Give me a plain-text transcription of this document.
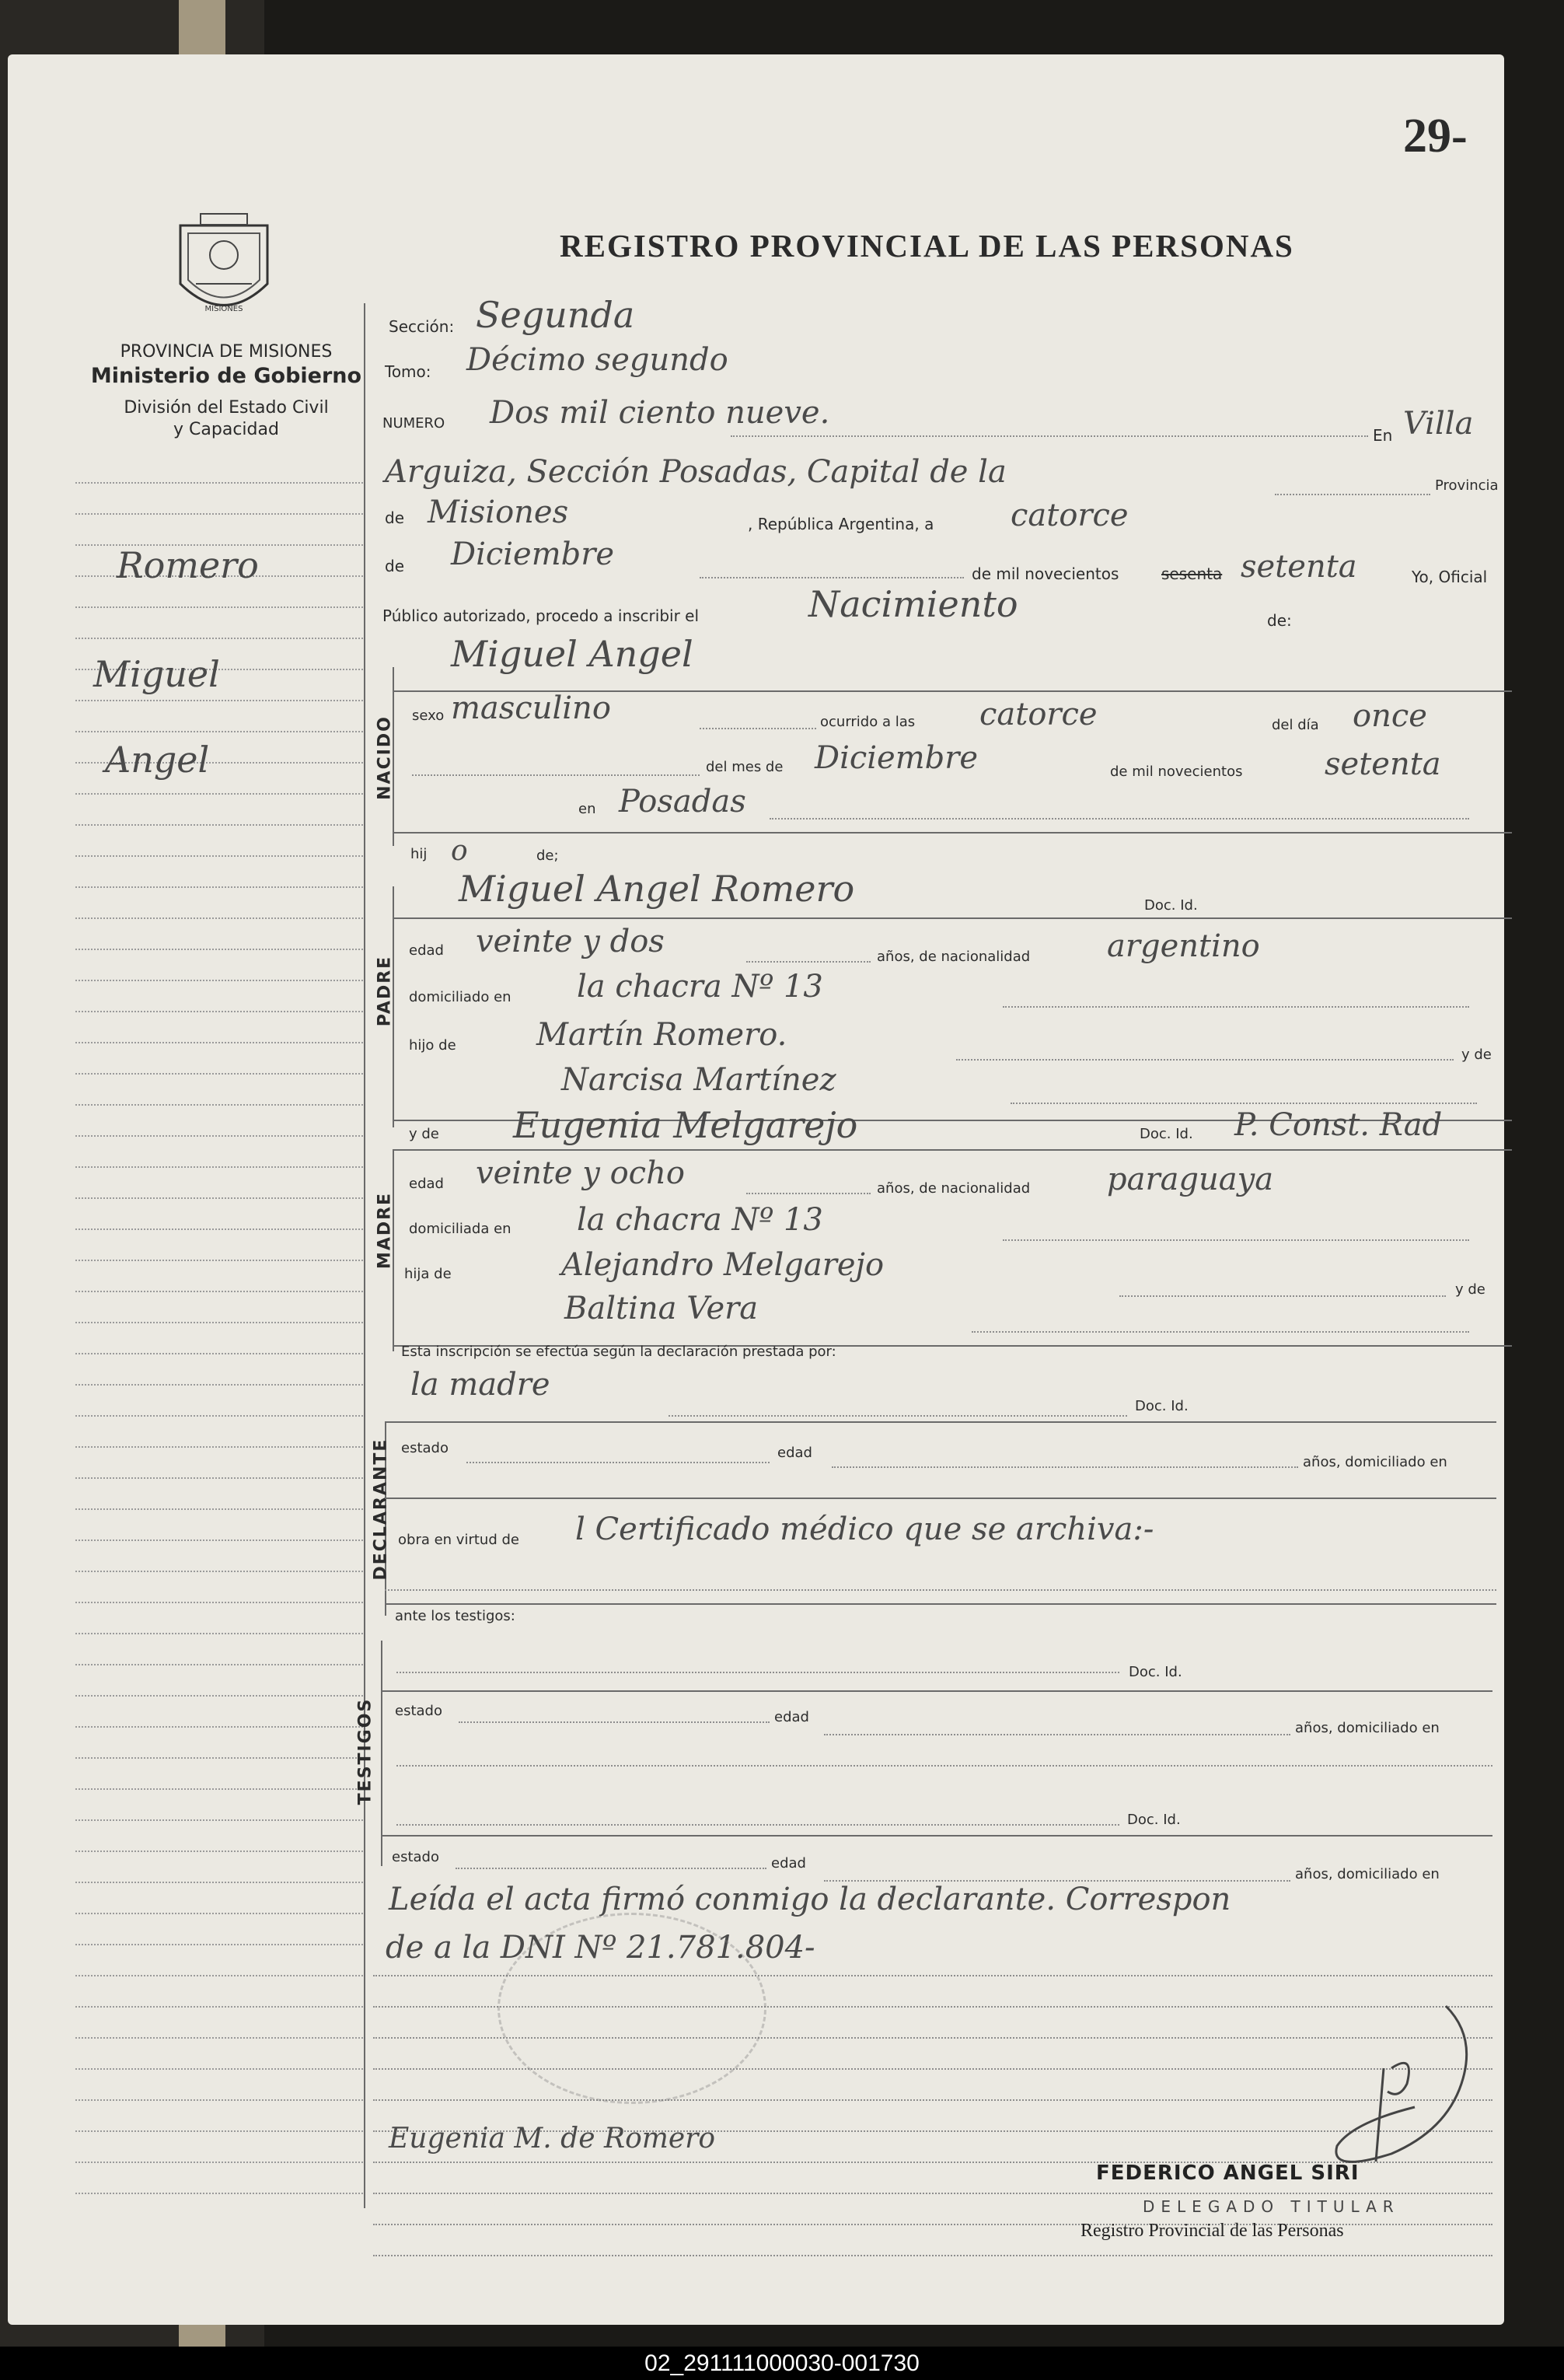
29-
REGISTRO PROVINCIAL DE LAS PERSONAS
MISIONES
PROVINCIA DE MISIONES
Ministerio de Gobierno
División del Estado Civil
y Capacidad
Romero
Miguel
Angel
Sección: Segunda
Tomo: Décimo segundo
NUMERO Dos mil ciento nueve.
En Villa
Arguiza, Sección Posadas, Capital de la	Provincia
de Misiones	, República Argentina, a catorce
de Diciembre
de mil novecientos	sesenta setenta	Yo, Oficial
Público autorizado, procedo a inscribir el	Nacimiento	de:
NACIDO
Miguel Angel
sexo masculino	ocurrido a las catorce	del día once
del mes de Diciembre	de mil novecientos	setenta
en Posadas
hij o	de;
PADRE
Miguel Angel Romero	Doc. Id.
edad veinte y dos	años, de nacionalidad argentino
domiciliado en la chacra Nº 13
hijo de	Martín Romero.
y de
Narcisa Martínez
y de Eugenia Melgarejo	Doc. Id. P. Const. Rad
MADRE
edad veinte y ocho	años, de nacionalidad paraguaya
domiciliada en la chacra Nº 13
hija de	Alejandro Melgarejo
y de
Baltina Vera
Esta inscripción se efectúa según la declaración prestada por:
la madre
Doc. Id.
DECLARANTE estado	edad
años, domiciliado en
obra en virtud de l Certificado médico que se archiva:-
ante los testigos:
TESTIGOS
Doc. Id.
estado	edad
años, domiciliado en
Doc. Id.
estado	edad
años, domiciliado en
Leída el acta firmó conmigo la declarante. Correspon
de a la DNI Nº 21.781.804-
Eugenia M. de Romero
FEDERICO ANGEL SIRI
DELEGADO TITULAR
Registro Provincial de las Personas
02_291111000030-001730
